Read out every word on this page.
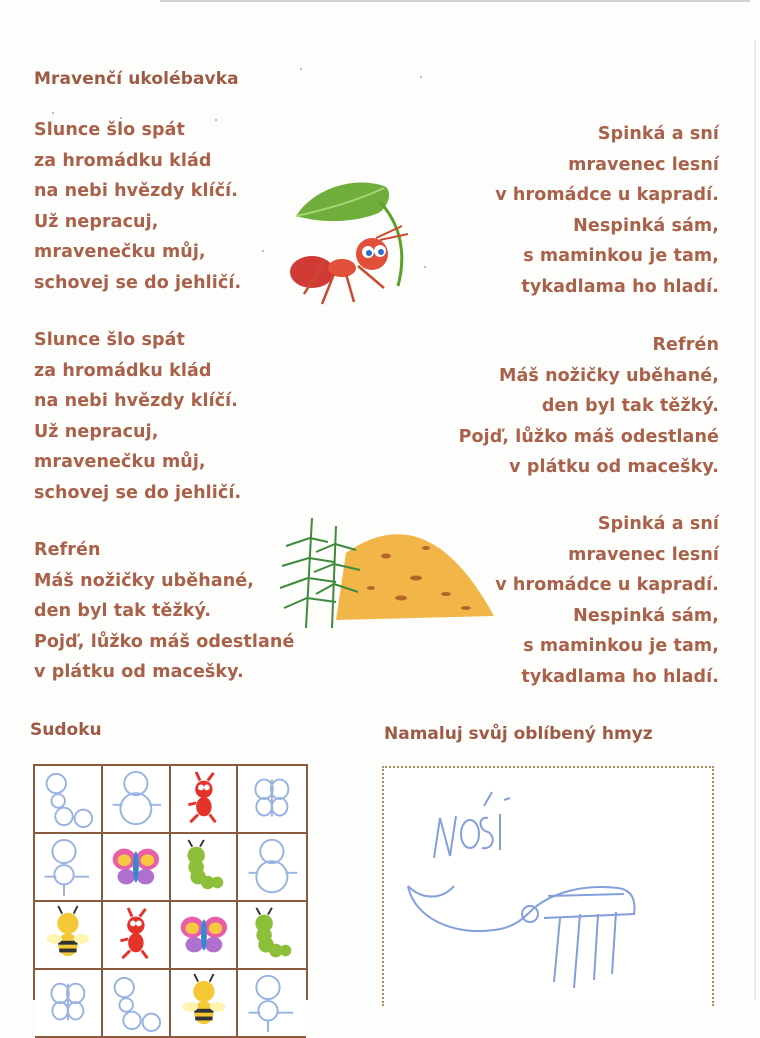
Mravenčí ukolébavka
Slunce šlo spát
za hromádku klád
na nebi hvězdy klíčí.
Už nepracuj,
mravenečku můj,
schovej se do jehličí.
Slunce šlo spát
za hromádku klád
na nebi hvězdy klíčí.
Už nepracuj,
mravenečku můj,
schovej se do jehličí.
Refrén
Máš nožičky uběhané,
den byl tak těžký.
Pojď, lůžko máš odestlané
v plátku od macešky.
Spinká a sní
mravenec lesní
v hromádce u kapradí.
Nespinká sám,
s maminkou je tam,
tykadlama ho hladí.
Refrén
Máš nožičky uběhané,
den byl tak těžký.
Pojď, lůžko máš odestlané
v plátku od macešky.
Spinká a sní
mravenec lesní
v hromádce u kapradí.
Nespinká sám,
s maminkou je tam,
tykadlama ho hladí.
Sudoku	Namaluj svůj oblíbený hmyz
